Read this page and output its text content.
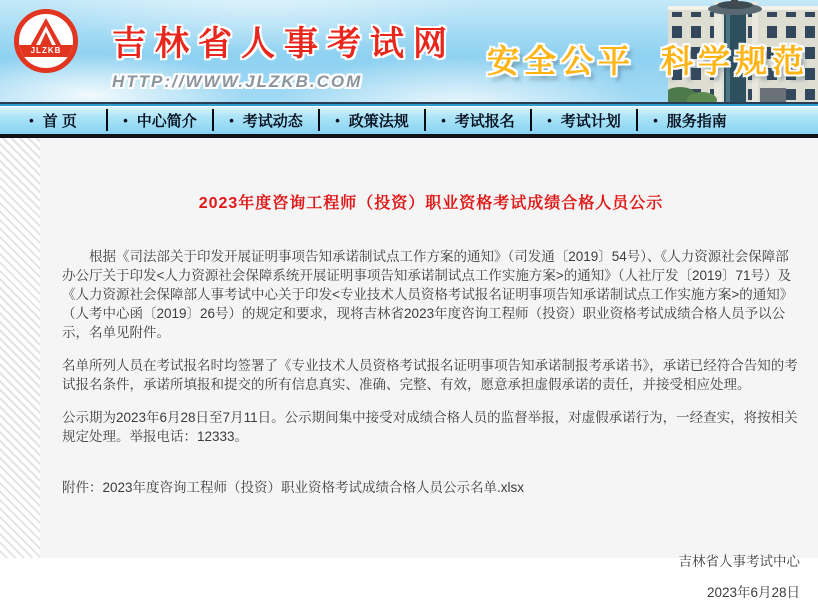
JLZKB	吉林省人事考试网
HTTP://WWW.JLZKB.COM
安全公平 科学规范
• 首 页	• 中心简介 • 考试动态 • 政策法规 • 考试报名 • 考试计划 • 服务指南
2023年度咨询工程师（投资）职业资格考试成绩合格人员公示

根据《司法部关于印发开展证明事项告知承诺制试点工作方案的通知》（司发通〔2019〕54号）、《人力资源社会保障部办公厅关于印发<人力资源社会保障系统开展证明事项告知承诺制试点工作实施方案>的通知》（人社厅发〔2019〕71号）及《人力资源社会保障部人事考试中心关于印发<专业技术人员资格考试报名证明事项告知承诺制试点工作实施方案>的通知》（人考中心函〔2019〕26号）的规定和要求，现将吉林省2023年度咨询工程师（投资）职业资格考试成绩合格人员予以公示，名单见附件。

名单所列人员在考试报名时均签署了《专业技术人员资格考试报名证明事项告知承诺制报考承诺书》，承诺已经符合告知的考试报名条件，承诺所填报和提交的所有信息真实、准确、完整、有效，愿意承担虚假承诺的责任，并接受相应处理。

公示期为2023年6月28日至7月11日。公示期间集中接受对成绩合格人员的监督举报，对虚假承诺行为，一经查实，将按相关规定处理。举报电话：12333。

附件：2023年度咨询工程师（投资）职业资格考试成绩合格人员公示名单.xlsx
吉林省人事考试中心
2023年6月28日
